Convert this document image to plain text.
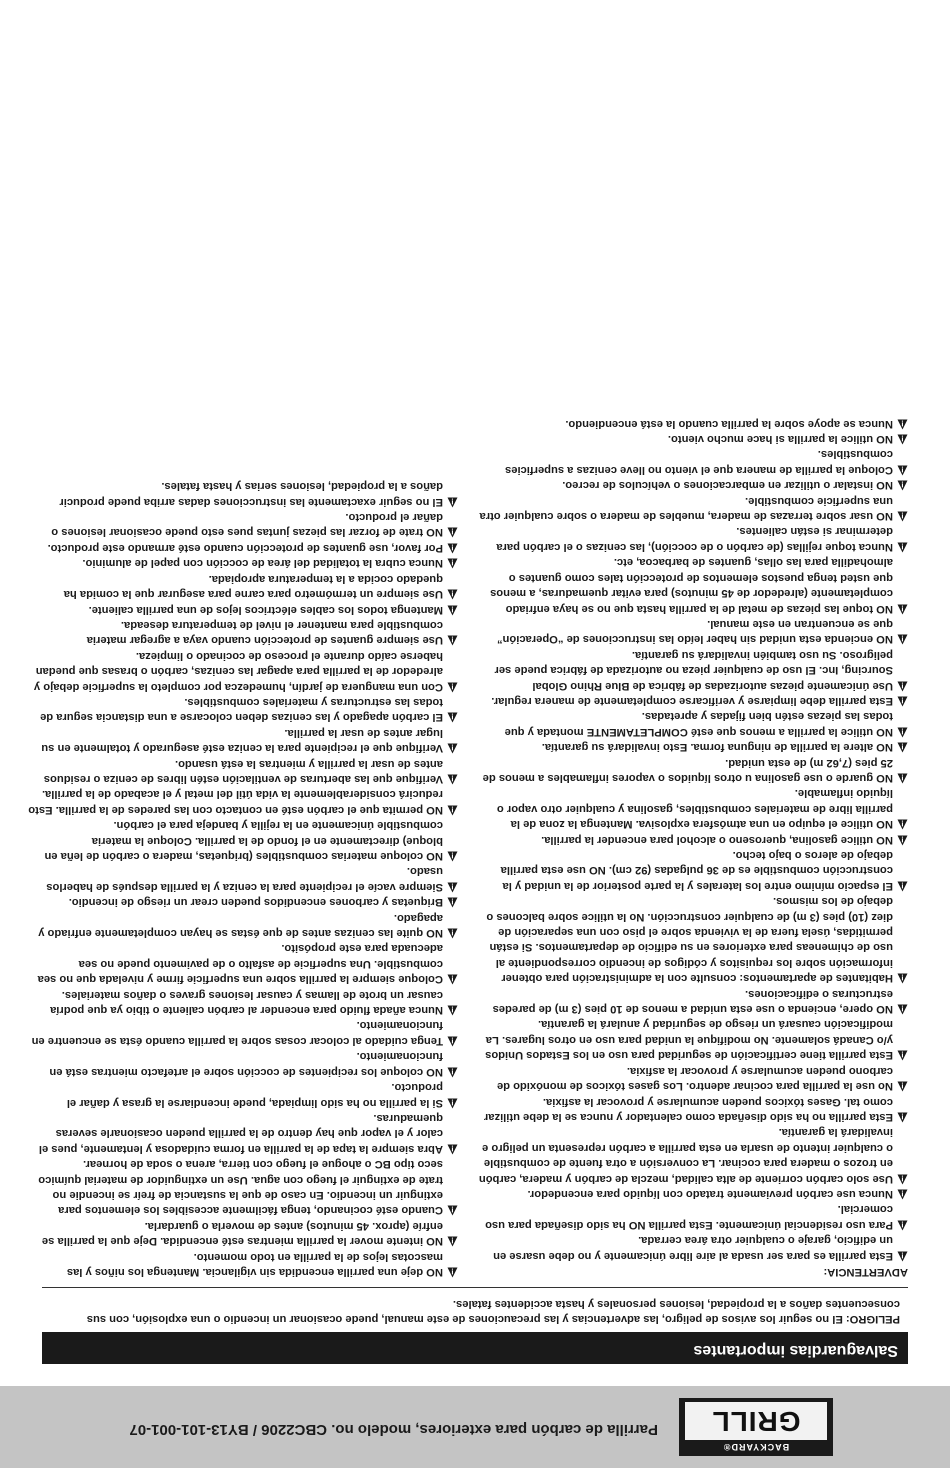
BACKYARD®
GRILL
Parrilla de carbón para exteriores, modelo no. CBC2206 / BY13-101-001-07
Salvaguardias importantes
PELIGRO: El no seguir los avisos de peligro, las advertencias y las precauciones de este manual, puede ocasionar un incendio o una explosión, con sus consecuentes daños a la propiedad, lesiones personales y hasta accidentes fatales.
ADVERTENCIA:
Esta parrilla es para ser usada al aire libre únicamente y no debe usarse en un edificio, garaje o cualquier otra área cerrada.
Para uso residencial únicamente. Esta parrilla NO ha sido diseñada para uso comercial.
Nunca use carbón previamente tratado con líquido para encendedor.
Use solo carbón corriente de alta calidad, mezcla de carbón y madera, carbón en trozos o madera para cocinar. La conversión a otra fuente de combustible o cualquier intento de usarla en esta parrilla a carbón representa un peligro e invalidará la garantía.
Esta parrilla no ha sido diseñada como calentador y nunca se la debe utilizar como tal. Gases tóxicos pueden acumularse y provocar la asfixia.
No use la parrilla para cocinar adentro. Los gases tóxicos de monóxido de carbono pueden acumularse y provocar la asfixia.
Esta parrilla tiene certificación de seguridad para uso en los Estados Unidos y/o Canadá solamente. No modifique la unidad para uso en otros lugares. La modificación causará un riesgo de seguridad y anulará la garantía.
NO opere, encienda o use esta unidad a menos de 10 pies (3 m) de paredes estructuras o edificaciones.
Habitantes de apartamentos: consulte con la administración para obtener información sobre los requisitos y códigos de incendio correspondiente al uso de chimeneas para exteriores en su edificio de departamentos. Si están permitidas, úsela fuera de la vivienda sobre el piso con una separación de diez (10) pies (3 m) de cualquier construcción. No la utilice sobre balcones o debajo de los mismos.
El espacio mínimo entre los laterales y la parte posterior de la unidad y la construcción combustible es de 36 pulgadas (92 cm). NO use esta parrilla debajo de aleros o bajo techo.
NO utilice gasolina, queroseno o alcohol para encender la parrilla.
NO utilice el equipo en una atmósfera explosiva. Mantenga la zona de la parrilla libre de materiales combustibles, gasolina y cualquier otro vapor o líquido inflamable.
NO guarde o use gasolina u otros líquidos o vapores inflamables a menos de 25 pies (7,62 m) de esta unidad.
NO altere la parrilla de ninguna forma. Esto invalidará su garantía.
NO utilice la parrilla a menos que esté COMPLETAMENTE montada y que todas las piezas estén bien fijadas y apretadas.
Esta parrilla debe limpiarse y verificarse completamente de manera regular.
Use únicamente piezas autorizadas de fábrica de Blue Rhino Global Sourcing, Inc. El uso de cualquier pieza no autorizada de fábrica puede ser peligroso. Su uso también invalidará su garantía.
NO encienda esta unidad sin haber leído las instrucciones de “Operación” que se encuentran en este manual.
NO toque las piezas de metal de la parrilla hasta que no se haya enfriado completamente (alrededor de 45 minutos) para evitar quemaduras, a menos que usted tenga puestos elementos de protección tales como guantes o almohadilla para las ollas, guantes de barbacoa, etc.
Nunca toque rejillas (de carbón o de cocción), las cenizas o el carbón para determinar si están calientes.
NO usar sobre terrazas de madera, muebles de madera o sobre cualquier otra una superficie combustible.
NO instalar o utilizar en embarcaciones o vehículos de recreo.
Coloque la parrilla de manera que el viento no lleve cenizas a superficies combustibles.
NO utilice la parrilla si hace mucho viento.
Nunca se apoye sobre la parrilla cuando la está encendiendo.
NO deje una parrilla encendida sin vigilancia. Mantenga los niños y las mascotas lejos de la parrilla en todo momento.
NO intente mover la parrilla mientras esté encendida. Deje que la parrilla se enfríe (aprox. 45 minutos) antes de moverla o guardarla.
Cuando esté cocinando, tenga fácilmente accesibles los elementos para extinguir un incendio. En caso de que la sustancia de freír se incendie no trate de extinguir el fuego con agua. Use un extinguidor de material químico seco tipo BC o ahogue el fuego con tierra, arena o soda de hornear.
Abra siempre la tapa de la parrilla en forma cuidadosa y lentamente, pues el calor y el vapor que hay dentro de la parrilla pueden ocasionarle severas quemaduras.
Si la parrilla no ha sido limpiada, puede incendiarse la grasa y dañar el producto.
NO coloque los recipientes de cocción sobre el artefacto mientras está en funcionamiento.
Tenga cuidado al colocar cosas sobre la parrilla cuando ésta se encuentre en funcionamiento.
Nunca añada fluido para encender al carbón caliente o tibio ya que podría causar un brote de llamas y causar lesiones graves o daños materiales.
Coloque siempre la parrilla sobre una superficie firme y nivelada que no sea combustible. Una superficie de asfalto o de pavimento puede no sea adecuada para este propósito.
NO quite las cenizas antes de que éstas se hayan completamente enfriado y apagado.
Briquetas y carbones encendidos pueden crear un riesgo de incendio.
Siempre vacíe el recipiente para la ceniza y la parrilla después de haberlos usado.
NO coloque materias combustibles (briquetas, madera o carbón de leña en bloque) directamente en el fondo de la parrilla. Coloque la materia combustible únicamente en la rejilla y bandeja para el carbón.
NO permita que el carbón esté en contacto con las paredes de la parrilla. Esto reducirá considerablemente la vida útil del metal y el acabado de la parrilla.
Verifique que las aberturas de ventilación estén libres de ceniza o residuos antes de usar la parrilla y mientras la está usando.
Verifique que el recipiente para la ceniza esté asegurado y totalmente en su lugar antes de usar la parrilla.
El carbón apagado y las cenizas deben colocarse a una distancia segura de todas las estructuras y materiales combustibles.
Con una manguera de jardín, humedezca por completo la superficie debajo y alrededor de la parrilla para apagar las cenizas, carbón o brasas que puedan haberse caído durante el proceso de cocinado o limpieza.
Use siempre guantes de protección cuando vaya a agregar materia combustible para mantener el nivel de temperatura deseada.
Mantenga todos los cables eléctricos lejos de una parrilla caliente.
Use siempre un termómetro para carne para asegurar que la comida ha quedado cocida a la temperatura apropiada.
Nunca cubra la totalidad del área de cocción con papel de aluminio.
Por favor, use guantes de protección cuando esté armando este producto.
NO trate de forzar las piezas juntas pues esto puede ocasionar lesiones o dañar el producto.
El no seguir exactamente las instrucciones dadas arriba puede producir daños a la propiedad, lesiones serias y hasta fatales.
